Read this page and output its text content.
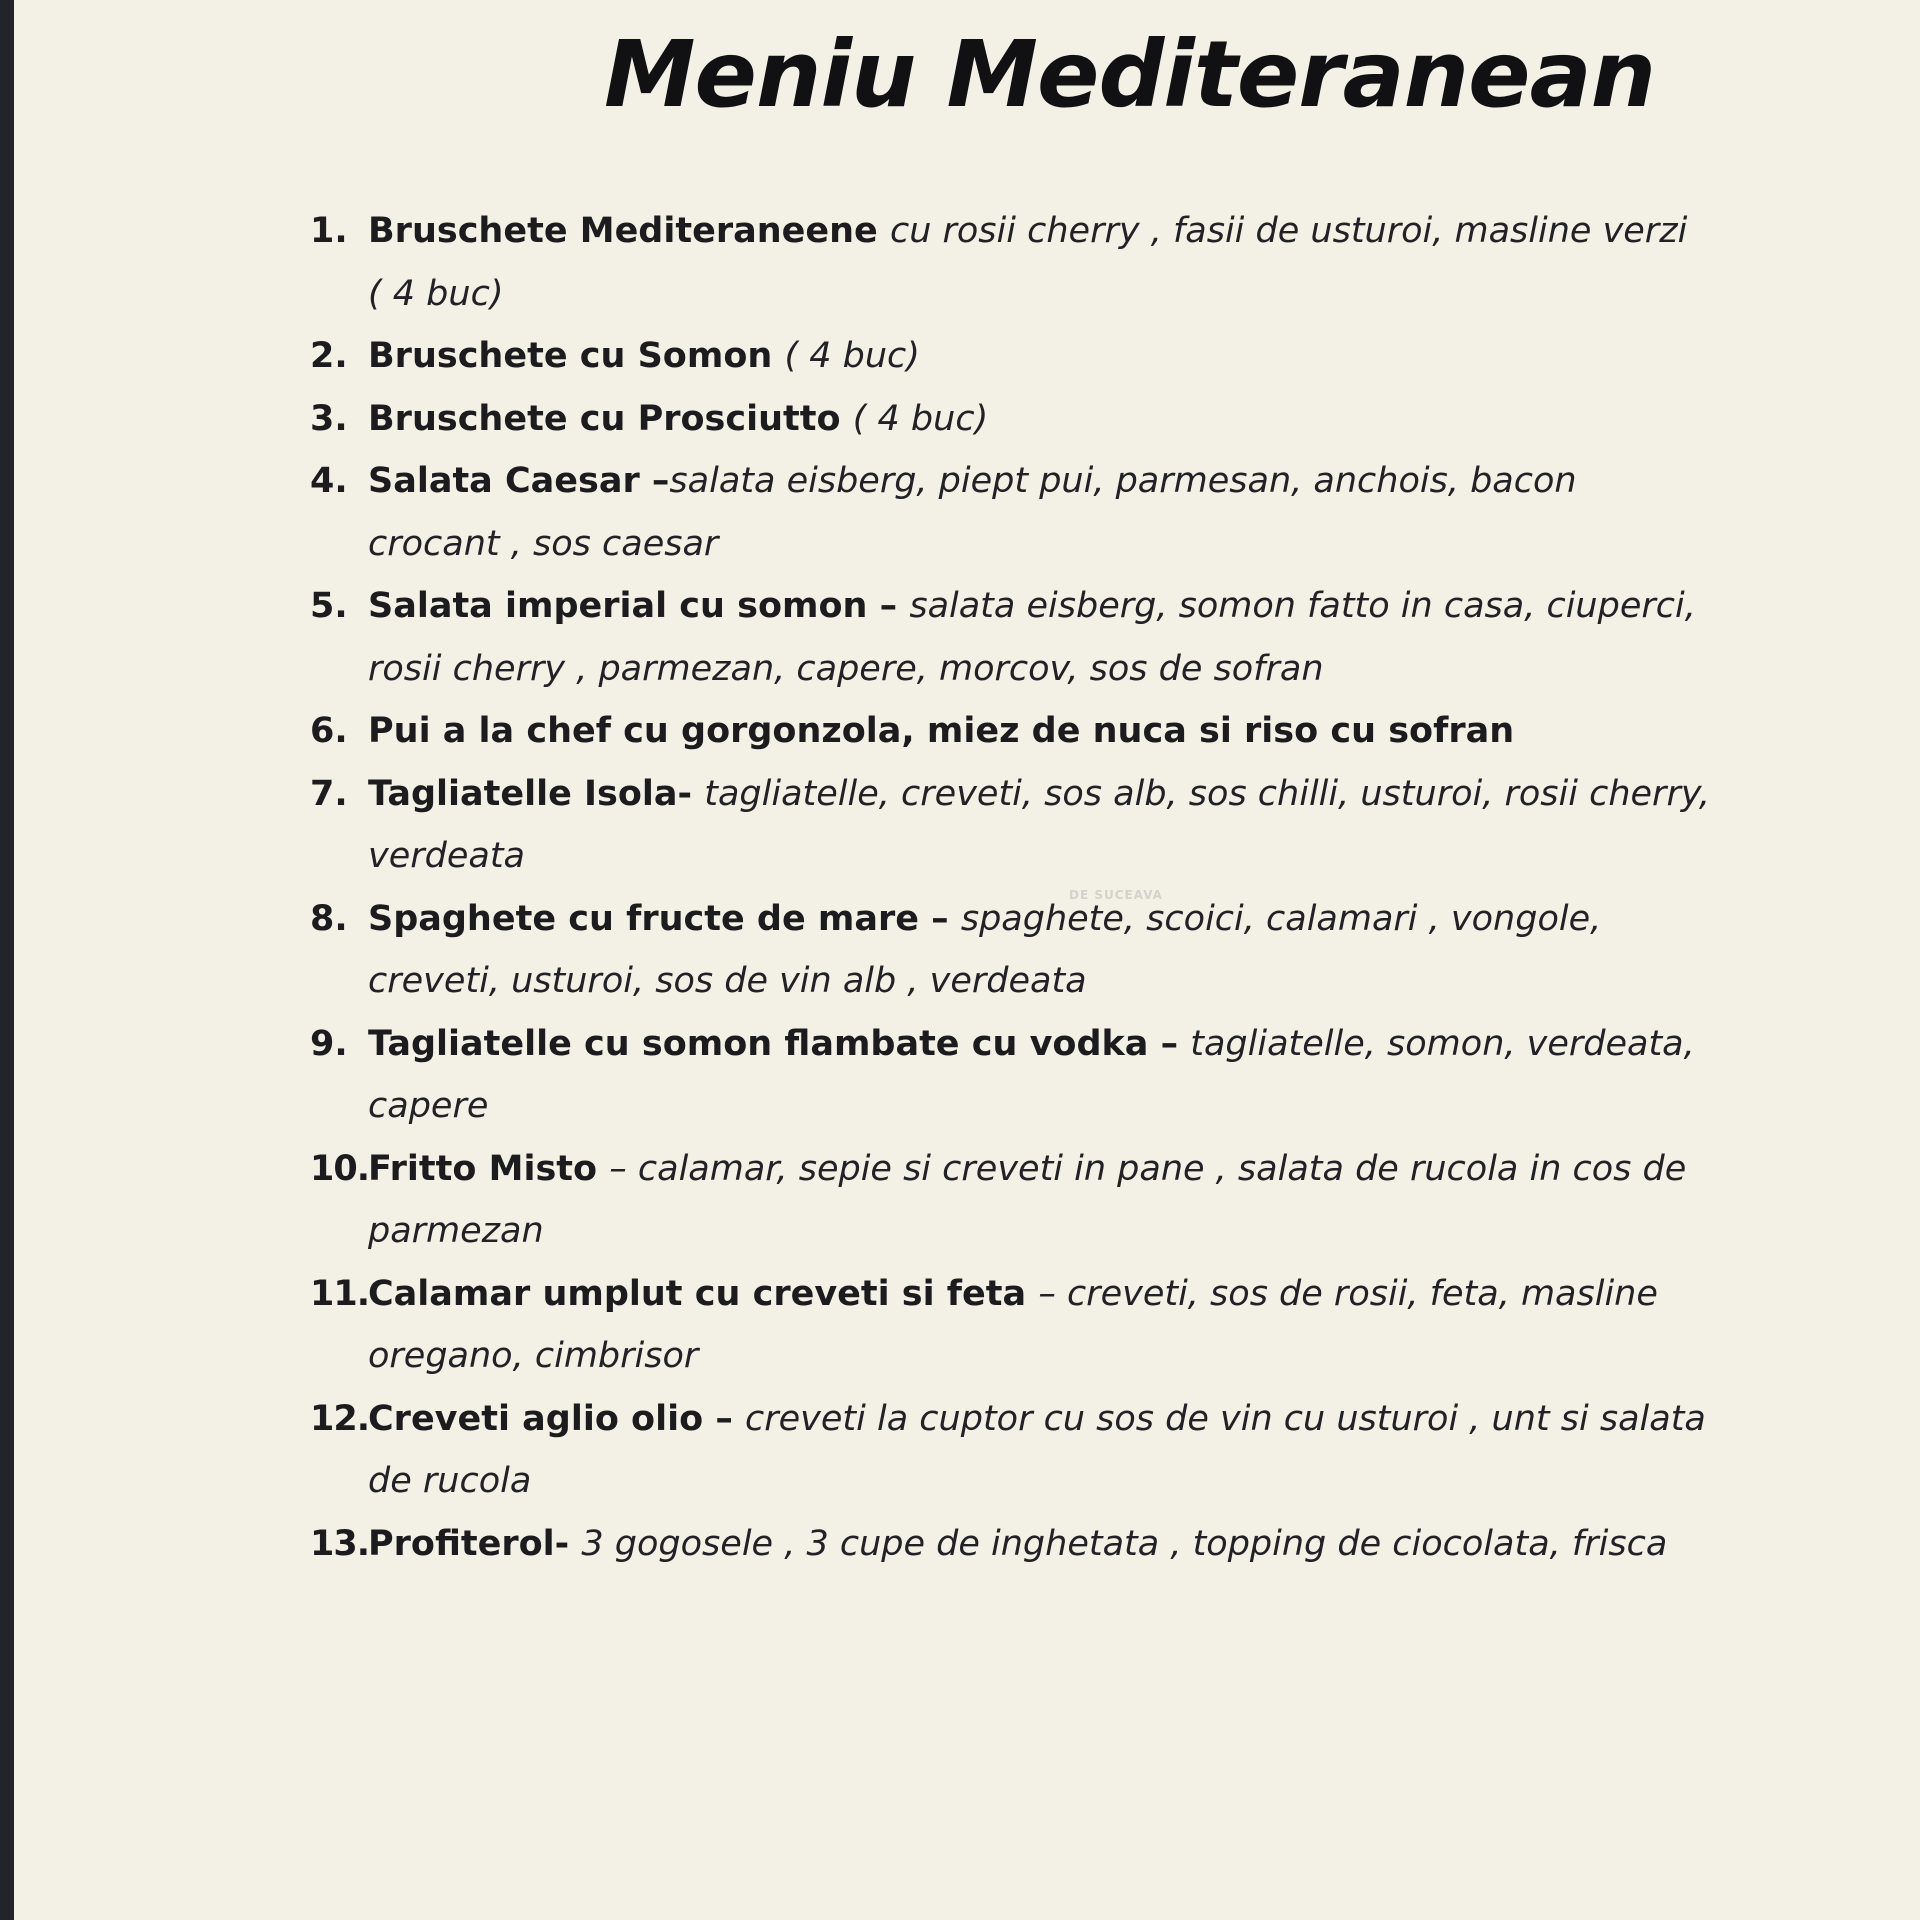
Meniu Mediteranean
1. Bruschete Mediteraneene cu rosii cherry , fasii de usturoi, masline verzi ( 4 buc)
2. Bruschete cu Somon ( 4 buc)
3. Bruschete cu Prosciutto ( 4 buc)
4. Salata Caesar –salata eisberg, piept pui, parmesan, anchois, bacon crocant , sos caesar
5. Salata imperial cu somon – salata eisberg, somon fatto in casa, ciuperci, rosii cherry , parmezan, capere, morcov, sos de sofran
6. Pui a la chef cu gorgonzola, miez de nuca si riso cu sofran
7. Tagliatelle Isola- tagliatelle, creveti, sos alb, sos chilli, usturoi, rosii cherry, verdeata
8. Spaghete cu fructe de mare – spaghete, scoici, calamari , vongole, creveti, usturoi, sos de vin alb , verdeata
9. Tagliatelle cu somon flambate cu vodka – tagliatelle, somon, verdeata, capere
10.
Fritto Misto – calamar, sepie si creveti in pane , salata de rucola in cos de parmezan
11.
Calamar umplut cu creveti si feta – creveti, sos de rosii, feta, masline oregano, cimbrisor
12.
Creveti aglio olio – creveti la cuptor cu sos de vin cu usturoi , unt si salata de rucola
13.
Profiterol- 3 gogosele , 3 cupe de inghetata , topping de ciocolata, frisca
DE SUCEAVA
